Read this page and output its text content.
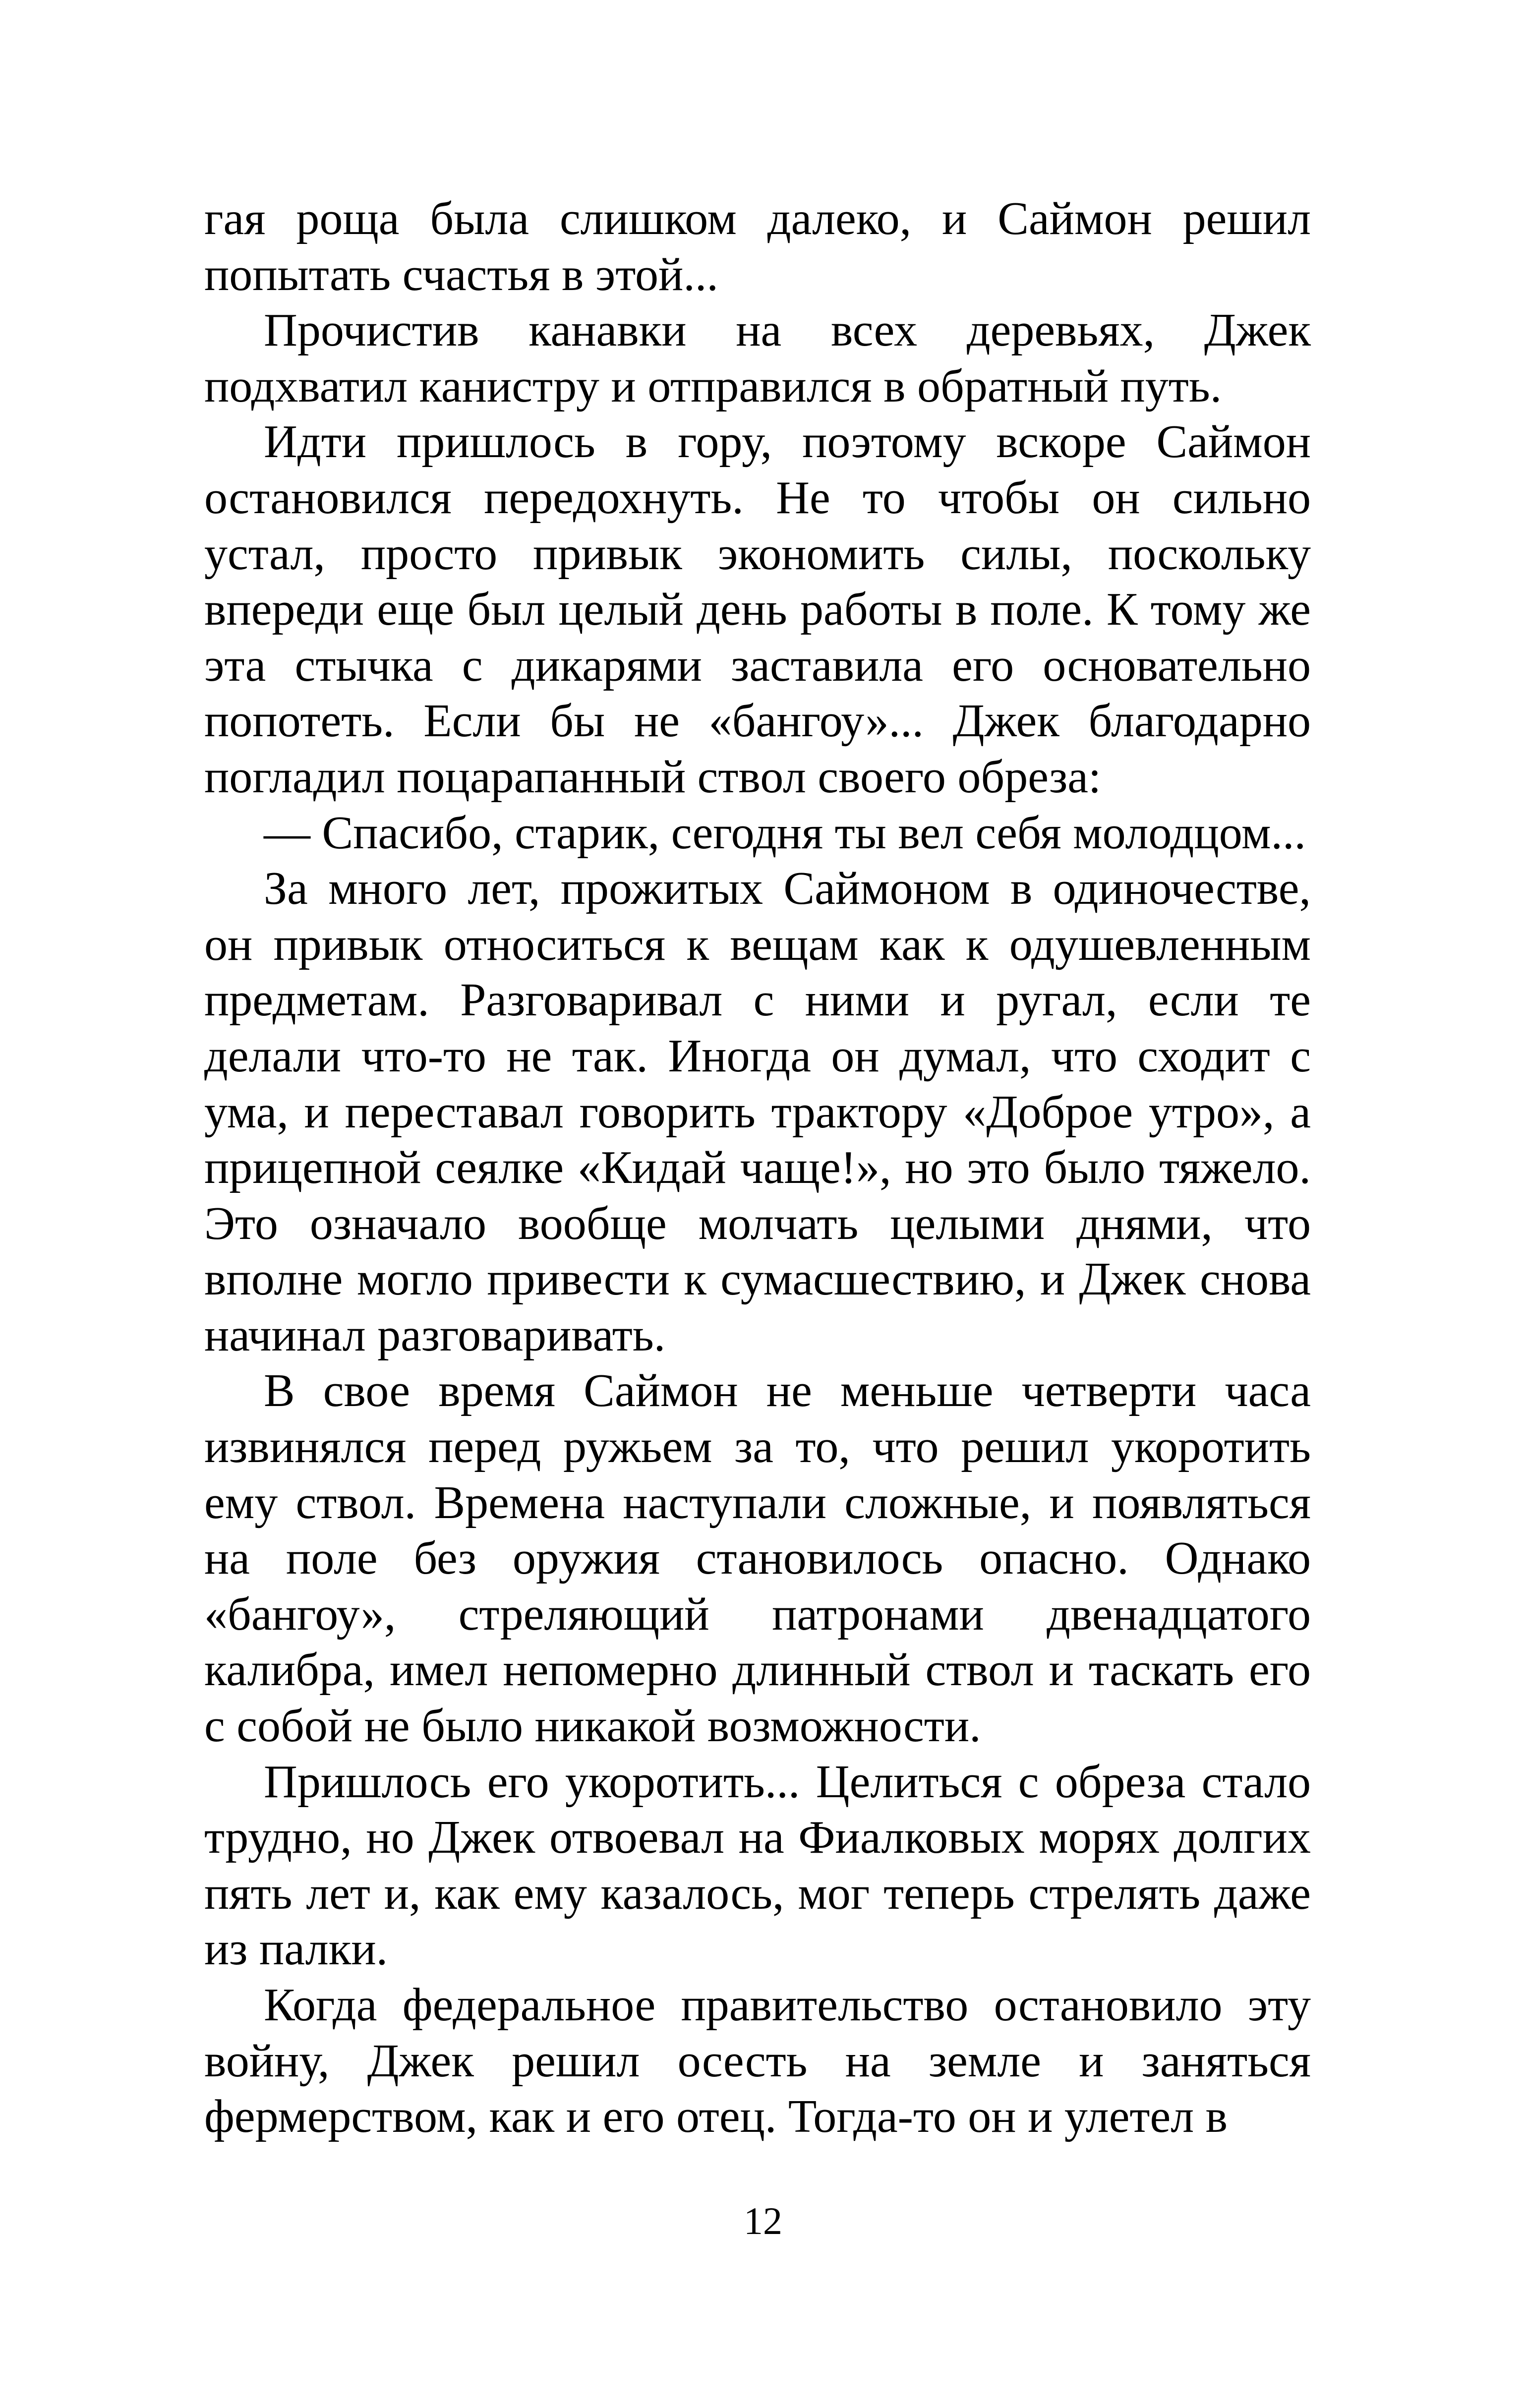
гая роща была слишком далеко, и Саймон решил попытать счастья в этой...

Прочистив канавки на всех деревьях, Джек подхватил канистру и отправился в обратный путь.

Идти пришлось в гору, поэтому вскоре Саймон остановился передохнуть. Не то чтобы он сильно устал, просто привык экономить силы, поскольку впереди еще был целый день работы в поле. К тому же эта стычка с дикарями заставила его основательно попотеть. Если бы не «бангоу»... Джек благодарно погладил поцарапанный ствол своего обреза:

— Спасибо, старик, сегодня ты вел себя молодцом...

За много лет, прожитых Саймоном в одиночестве, он привык относиться к вещам как к одушевленным предметам. Разговаривал с ними и ругал, если те делали что-то не так. Иногда он думал, что сходит с ума, и переставал говорить трактору «Доброе утро», а прицепной сеялке «Кидай чаще!», но это было тяжело. Это означало вообще молчать целыми днями, что вполне могло привести к сумасшествию, и Джек снова начинал разговаривать.

В свое время Саймон не меньше четверти часа извинялся перед ружьем за то, что решил укоротить ему ствол. Времена наступали сложные, и появляться на поле без оружия становилось опасно. Однако «бангоу», стреляющий патронами двенадцатого калибра, имел непомерно длинный ствол и таскать его с собой не было никакой возможности.

Пришлось его укоротить... Целиться с обреза стало трудно, но Джек отвоевал на Фиалковых морях долгих пять лет и, как ему казалось, мог теперь стрелять даже из палки.

Когда федеральное правительство остановило эту войну, Джек решил осесть на земле и заняться фермерством, как и его отец. Тогда-то он и улетел в

12
